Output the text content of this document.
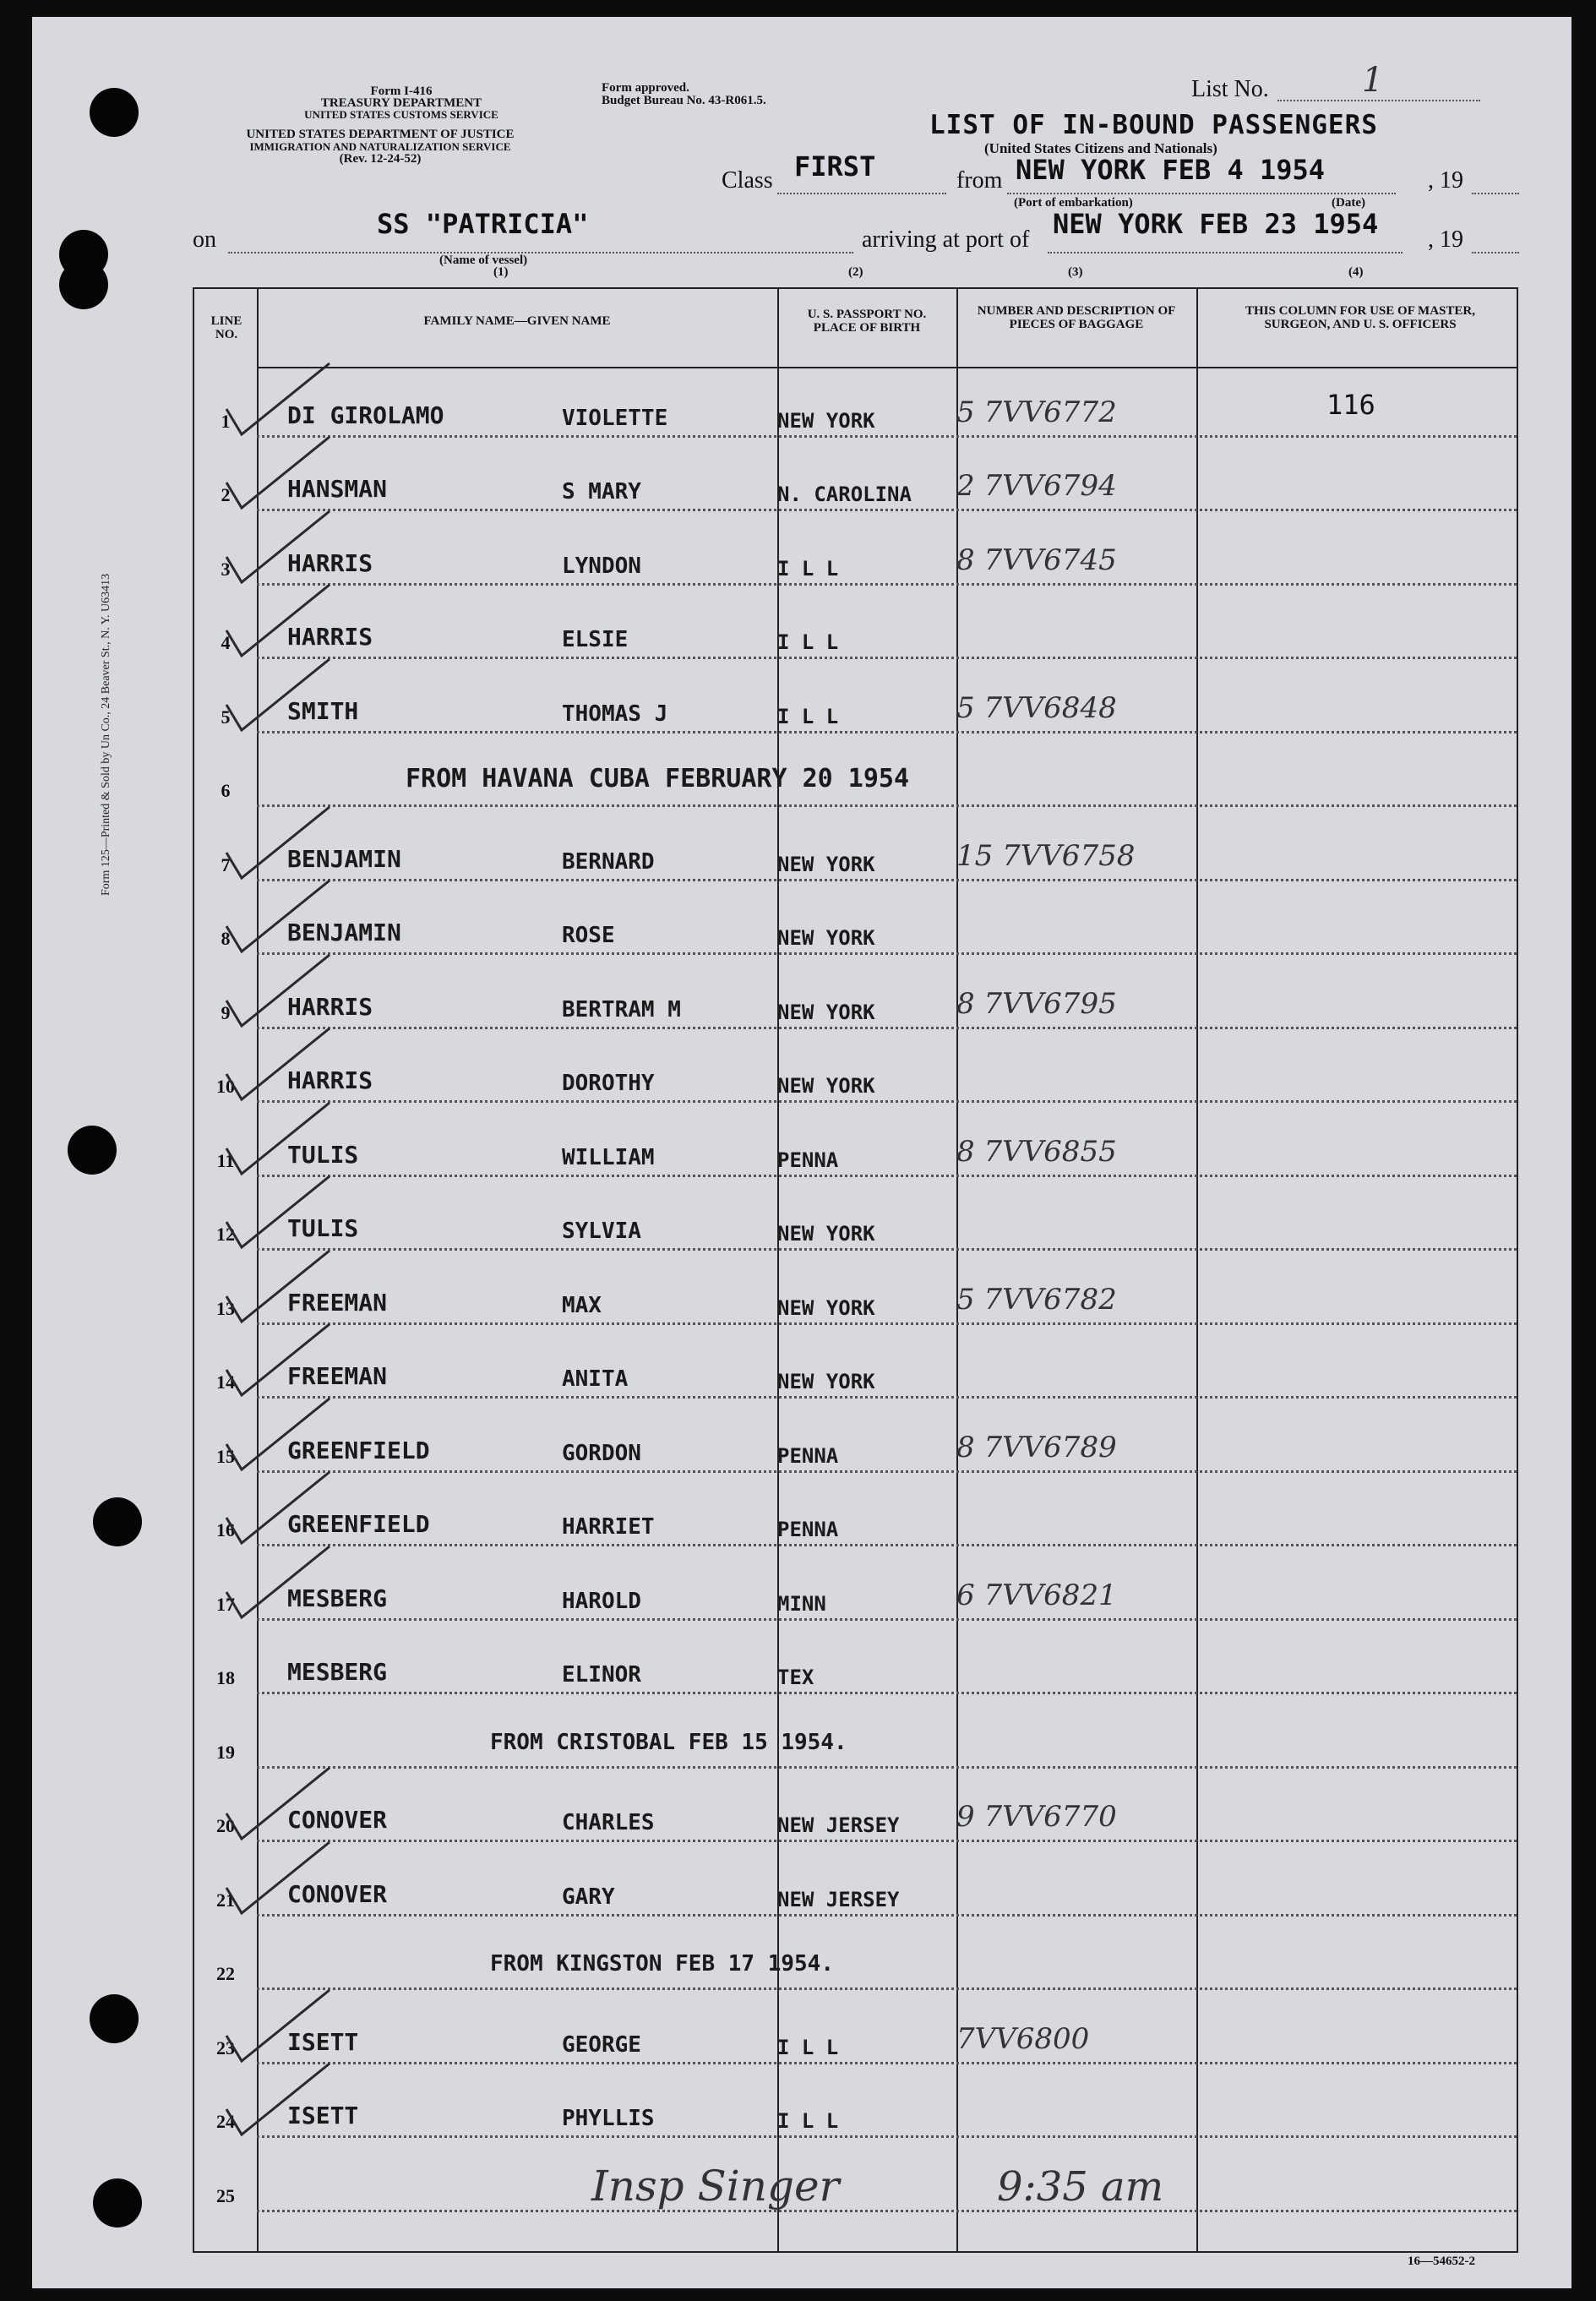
Form I-416
TREASURY DEPARTMENT
UNITED STATES CUSTOMS SERVICE
UNITED STATES DEPARTMENT OF JUSTICE
IMMIGRATION AND NATURALIZATION SERVICE
(Rev. 12-24-52)
Form approved.
Budget Bureau No. 43-R061.5.	List No.	1
LIST OF IN-BOUND PASSENGERS
(United States Citizens and Nationals)
Class FIRST	from NEW YORK FEB 4 1954	, 19
(Port of embarkation)	(Date)
on	SS "PATRICIA"	arriving at port of NEW YORK FEB 23 1954 , 19
(Name of vessel)
(1)	(2)	(3)	(4)
Form 125—Printed & Sold by Un Co., 24 Beaver St., N. Y. U63413
LINE NO.
FAMILY NAME—GIVEN NAME	U. S. PASSPORT NO. PLACE OF BIRTH
NUMBER AND DESCRIPTION OF PIECES OF BAGGAGE
THIS COLUMN FOR USE OF MASTER, SURGEON, AND U. S. OFFICERS
1	DI GIROLAMO	VIOLETTE	NEW YORK	5 7VV6772	116
2	HANSMAN	S MARY	N. CAROLINA 2 7VV6794
3	HARRIS	LYNDON	I L L	8 7VV6745
4	HARRIS	ELSIE	I L L
5	SMITH	THOMAS J	I L L	5 7VV6848
6	FROM HAVANA CUBA FEBRUARY 20 1954
7	BENJAMIN	BERNARD	NEW YORK	15 7VV6758
8	BENJAMIN	ROSE	NEW YORK
9	HARRIS	BERTRAM M	NEW YORK	8 7VV6795
10	HARRIS	DOROTHY	NEW YORK
11	TULIS	WILLIAM	PENNA	8 7VV6855
12	TULIS	SYLVIA	NEW YORK
13	FREEMAN	MAX	NEW YORK	5 7VV6782
14	FREEMAN	ANITA	NEW YORK
15	GREENFIELD	GORDON	PENNA	8 7VV6789
16	GREENFIELD	HARRIET	PENNA
17	MESBERG	HAROLD	MINN	6 7VV6821
18	MESBERG	ELINOR	TEX
19	FROM CRISTOBAL FEB 15 1954.
20	CONOVER	CHARLES	NEW JERSEY 9 7VV6770
21	CONOVER	GARY	NEW JERSEY
22	FROM KINGSTON FEB 17 1954.
23	ISETT	GEORGE	I L L	7VV6800
24	ISETT	PHYLLIS	I L L
25	Insp Singer	9:35 am
16—54652-2
